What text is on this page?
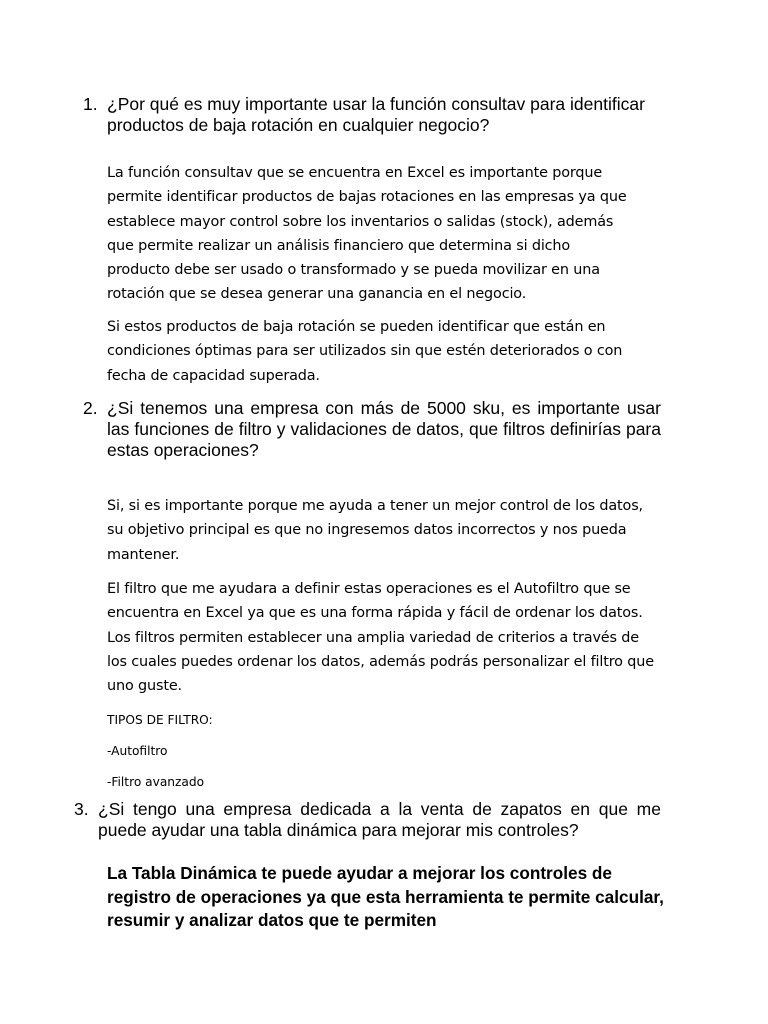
1. ¿Por qué es muy importante usar la función consultav para identificar productos de baja rotación en cualquier negocio?

La función consultav que se encuentra en Excel es importante porque permite identificar productos de bajas rotaciones en las empresas ya que establece mayor control sobre los inventarios o salidas (stock), además que permite realizar un análisis financiero que determina si dicho producto debe ser usado o transformado y se pueda movilizar en una rotación que se desea generar una ganancia en el negocio.

Si estos productos de baja rotación se pueden identificar que están en condiciones óptimas para ser utilizados sin que estén deteriorados o con fecha de capacidad superada.

2. ¿Si tenemos una empresa con más de 5000 sku, es importante usar las funciones de filtro y validaciones de datos, que filtros definirías para estas operaciones?

Si, si es importante porque me ayuda a tener un mejor control de los datos, su objetivo principal es que no ingresemos datos incorrectos y nos pueda mantener.

El filtro que me ayudara a definir estas operaciones es el Autofiltro que se encuentra en Excel ya que es una forma rápida y fácil de ordenar los datos. Los filtros permiten establecer una amplia variedad de criterios a través de los cuales puedes ordenar los datos, además podrás personalizar el filtro que uno guste.

TIPOS DE FILTRO:

-Autofiltro

-Filtro avanzado

3. ¿Si tengo una empresa dedicada a la venta de zapatos en que me puede ayudar una tabla dinámica para mejorar mis controles?

La Tabla Dinámica te puede ayudar a mejorar los controles de registro de operaciones ya que esta herramienta te permite calcular, resumir y analizar datos que te permiten
